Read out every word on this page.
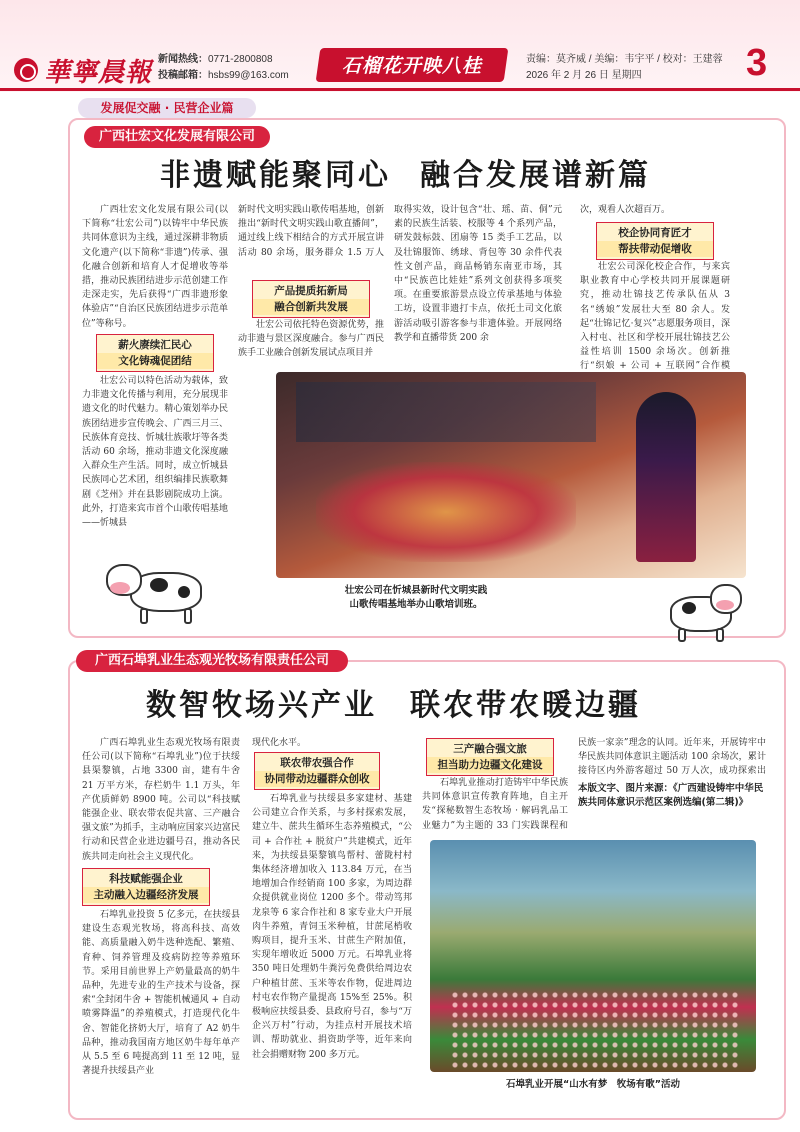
華寧晨報 新闻热线：0771-2800808
投稿邮箱：hsbs99@163.com	石榴花开映八桂	责编：莫齐威 / 美编：韦宇平 / 校对：王建蓉
2026 年 2 月 26 日 星期四	3
发展促交融 · 民营企业篇
广西壮宏文化发展有限公司
非遗赋能聚同心 融合发展谱新篇
广西壮宏文化发展有限公司(以下简称“壮宏公司”)以铸牢中华民族共同体意识为主线，通过深耕非物质文化遗产(以下简称“非遗”)传承、强化融合创新和培育人才促增收等举措，推动民族团结进步示范创建工作走深走实，先后获得“广西非遗形象体验店”“自治区民族团结进步示范单位”等称号。
薪火赓续汇民心
文化铸魂促团结
壮宏公司以特色活动为载体，致力非遗文化传播与利用，充分展现非遗文化的时代魅力。精心策划举办民族团结进步宣传晚会、广西三月三、民族体育竞技、忻城壮族歌圩等各类活动 60 余场，推动非遗文化深度融入群众生产生活。同时，成立忻城县民族同心艺术团，组织编排民族歌舞剧《芝州》并在县影剧院成功上演。此外，打造来宾市首个山歌传唱基地——忻城县
新时代文明实践山歌传唱基地，创新推出“新时代文明实践山歌直播间”，通过线上线下相结合的方式开展宣讲活动 80 余场，服务群众 1.5 万人
产品提质拓新局
融合创新共发展
壮宏公司依托特色资源优势，推动非遗与景区深度融合。参与广西民族手工业融合创新发展试点项目并
取得实效，设计包含“壮、瑶、苗、侗”元素的民族生活装、校服等 4 个系列产品，研发鼓标鼓、团扇等 15 类手工艺品，以及壮锦服饰、绣球、背包等 30 余件代表性文创产品，商品畅销东南亚市场，其中“民族芭比娃娃”系列文创获得多项奖项。在重要旅游景点设立传承基地与体验工坊，设置非遗打卡点，依托土司文化旅游活动吸引游客参与非遗体验。开展网络教学和直播带货 200 余
次，观看人次超百万。
校企协同育匠才
帮扶带动促增收
壮宏公司深化校企合作，与来宾职业教育中心学校共同开展课题研究，推动壮锦技艺传承队伍从 3 名“绣娘”发展壮大至 80 余人。发起“壮锦记忆·复兴”志愿服务项目，深入村屯、社区和学校开展壮锦技艺公益性培训 1500 余场次。创新推行“织娘 + 公司 + 互联网”合作模
壮宏公司在忻城县新时代文明实践
山歌传唱基地举办山歌培训班。
广西石埠乳业生态观光牧场有限责任公司
数智牧场兴产业 联农带农暖边疆
广西石埠乳业生态观光牧场有限责任公司(以下简称“石埠乳业”)位于扶绥县渠黎镇，占地 3300 亩，建有牛舍 21 万平方米，存栏奶牛 1.1 万头，年产优质鲜奶 8900 吨。公司以“科技赋能强企业、联农带农促共富、三产融合强文旅”为抓手，主动响应国家兴边富民行动和民营企业进边疆号召，推动各民族共同走向社会主义现代化。
科技赋能强企业
主动融入边疆经济发展
石埠乳业投资 5 亿多元，在扶绥县建设生态观光牧场，将高科技、高效能、高质量融入奶牛选种选配、繁殖、育种、饲养管理及疫病防控等养殖环节。采用目前世界上产奶量最高的奶牛品种，先进专业的生产技术与设备，探索“全封闭牛舍 + 智能机械通风 + 自动喷雾降温”的养殖模式，打造现代化牛舍、智能化挤奶大厅，培育了 A2 奶牛品种，推动我国南方地区奶牛每年单产从 5.5 至 6 吨提高到 11 至 12 吨，显著提升扶绥县产业
现代化水平。
联农带农强合作
协同带动边疆群众创收
石埠乳业与扶绥县多家建材、基建公司建立合作关系，与多村探索发展，建立牛、蔗共生循环生态养殖模式，“公司 + 合作社 + 脱贫户”共建模式，近年来，为扶绥县渠黎镇鸟帮村、蕾陇村村集体经济增加收入 113.84 万元，在当地增加合作经销商 100 多家，为周边群众提供就业岗位 1200 多个。带动笃邦龙泉等 6 家合作社和 8 家专业大户开展肉牛养殖，青饲玉米种植，甘蔗尾梢收购项目，提升玉米、甘蔗生产附加值，实现年增收近 5000 万元。石埠乳业将 350 吨日处理奶牛粪污免费供给周边农户种植甘蔗、玉米等农作物，促进周边村屯农作物产量提高 15%至 25%。积极响应扶绥县委、县政府号召，参与“万企兴万村”行动，为挂点村开展技术培训、帮助就业、捐资助学等，近年来向社会捐赠财物 200 多万元。
三产融合强文旅
担当助力边疆文化建设
石埠乳业推动打造铸牢中华民族共同体意识宣传教育阵地，自主开发“探秘数智生态牧场 · 解码乳品工业魅力”为主题的 33 门实践课程和
民族一家亲”理念的认同。近年来，开展铸牢中华民族共同体意识主题活动 100 余场次，累计接待区内外游客超过 50 万人次，成功探索出
本版文字、图片来源：《广西建设铸牢中华民族共同体意识示范区案例选编(第二辑)》
石埠乳业开展“山水有梦　牧场有歌”活动
